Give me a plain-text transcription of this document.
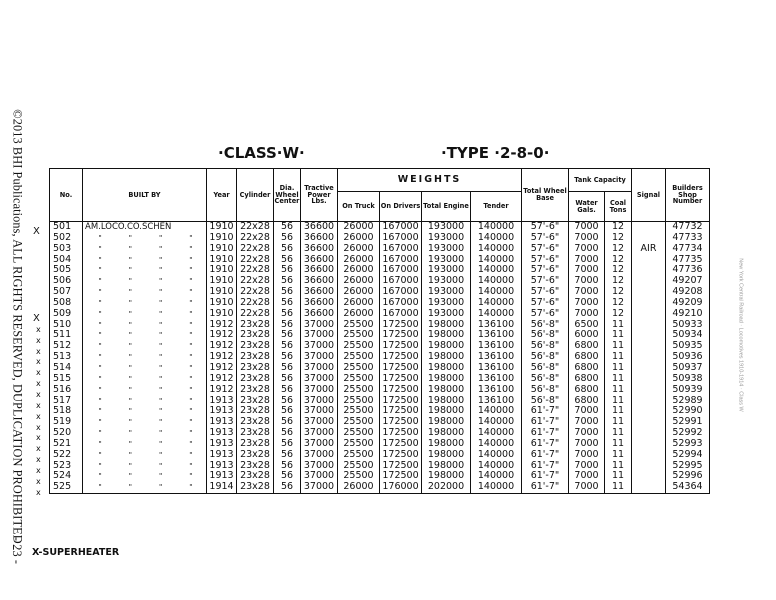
©2013 BHI Publications, ALL RIGHTS RESERVED, DUPLICATION PROHIBITED
- 23 -
New York Central Railroad · Locomotives 1910-1914 · Class W
·CLASS·W·	·TYPE ·2-8-0·
No.	BUILT BY	Year	Cylinder	Dia. Wheel Center	Tractive Power Lbs.	WEIGHTS				Total Wheel Base	Tank Capacity		Signal	Builders Shop Number
						On Truck	On Drivers	Total Engine	Tender		Water Gals.	Coal Tons		
501	AM.LOCO.CO.SCHEN	1910	22x28	56	36600	26000	167000	193000	140000	57'-6"	7000	12		47732
502	" " " "	1910	22x28	56	36600	26000	167000	193000	140000	57'-6"	7000	12		47733
503	" " " "	1910	22x28	56	36600	26000	167000	193000	140000	57'-6"	7000	12	AIR	47734
504	" " " "	1910	22x28	56	36600	26000	167000	193000	140000	57'-6"	7000	12		47735
505	" " " "	1910	22x28	56	36600	26000	167000	193000	140000	57'-6"	7000	12		47736
506	" " " "	1910	22x28	56	36600	26000	167000	193000	140000	57'-6"	7000	12		49207
507	" " " "	1910	22x28	56	36600	26000	167000	193000	140000	57'-6"	7000	12		49208
508	" " " "	1910	22x28	56	36600	26000	167000	193000	140000	57'-6"	7000	12		49209
509	" " " "	1910	22x28	56	36600	26000	167000	193000	140000	57'-6"	7000	12		49210
510	" " " "	1912	23x28	56	37000	25500	172500	198000	136100	56'-8"	6500	11		50933
511	" " " "	1912	23x28	56	37000	25500	172500	198000	136100	56'-8"	6000	11		50934
512	" " " "	1912	23x28	56	37000	25500	172500	198000	136100	56'-8"	6800	11		50935
513	" " " "	1912	23x28	56	37000	25500	172500	198000	136100	56'-8"	6800	11		50936
514	" " " "	1912	23x28	56	37000	25500	172500	198000	136100	56'-8"	6800	11		50937
515	" " " "	1912	23x28	56	37000	25500	172500	198000	136100	56'-8"	6800	11		50938
516	" " " "	1912	23x28	56	37000	25500	172500	198000	136100	56'-8"	6800	11		50939
517	" " " "	1913	23x28	56	37000	25500	172500	198000	136100	56'-8"	6800	11		52989
518	" " " "	1913	23x28	56	37000	25500	172500	198000	140000	61'-7"	7000	11		52990
519	" " " "	1913	23x28	56	37000	25500	172500	198000	140000	61'-7"	7000	11		52991
520	" " " "	1913	23x28	56	37000	25500	172500	198000	140000	61'-7"	7000	11		52992
521	" " " "	1913	23x28	56	37000	25500	172500	198000	140000	61'-7"	7000	11		52993
522	" " " "	1913	23x28	56	37000	25500	172500	198000	140000	61'-7"	7000	11		52994
523	" " " "	1913	23x28	56	37000	25500	172500	198000	140000	61'-7"	7000	11		52995
524	" " " "	1913	23x28	56	37000	25500	172500	198000	140000	61'-7"	7000	11		52996
525	" " " "	1914	23x28	56	37000	26000	176000	202000	140000	61'-7"	7000	11		54364
X
X
x
x
x
x
x
x
x
x
x
x
x
x
x
x
x
x
X-SUPERHEATER
